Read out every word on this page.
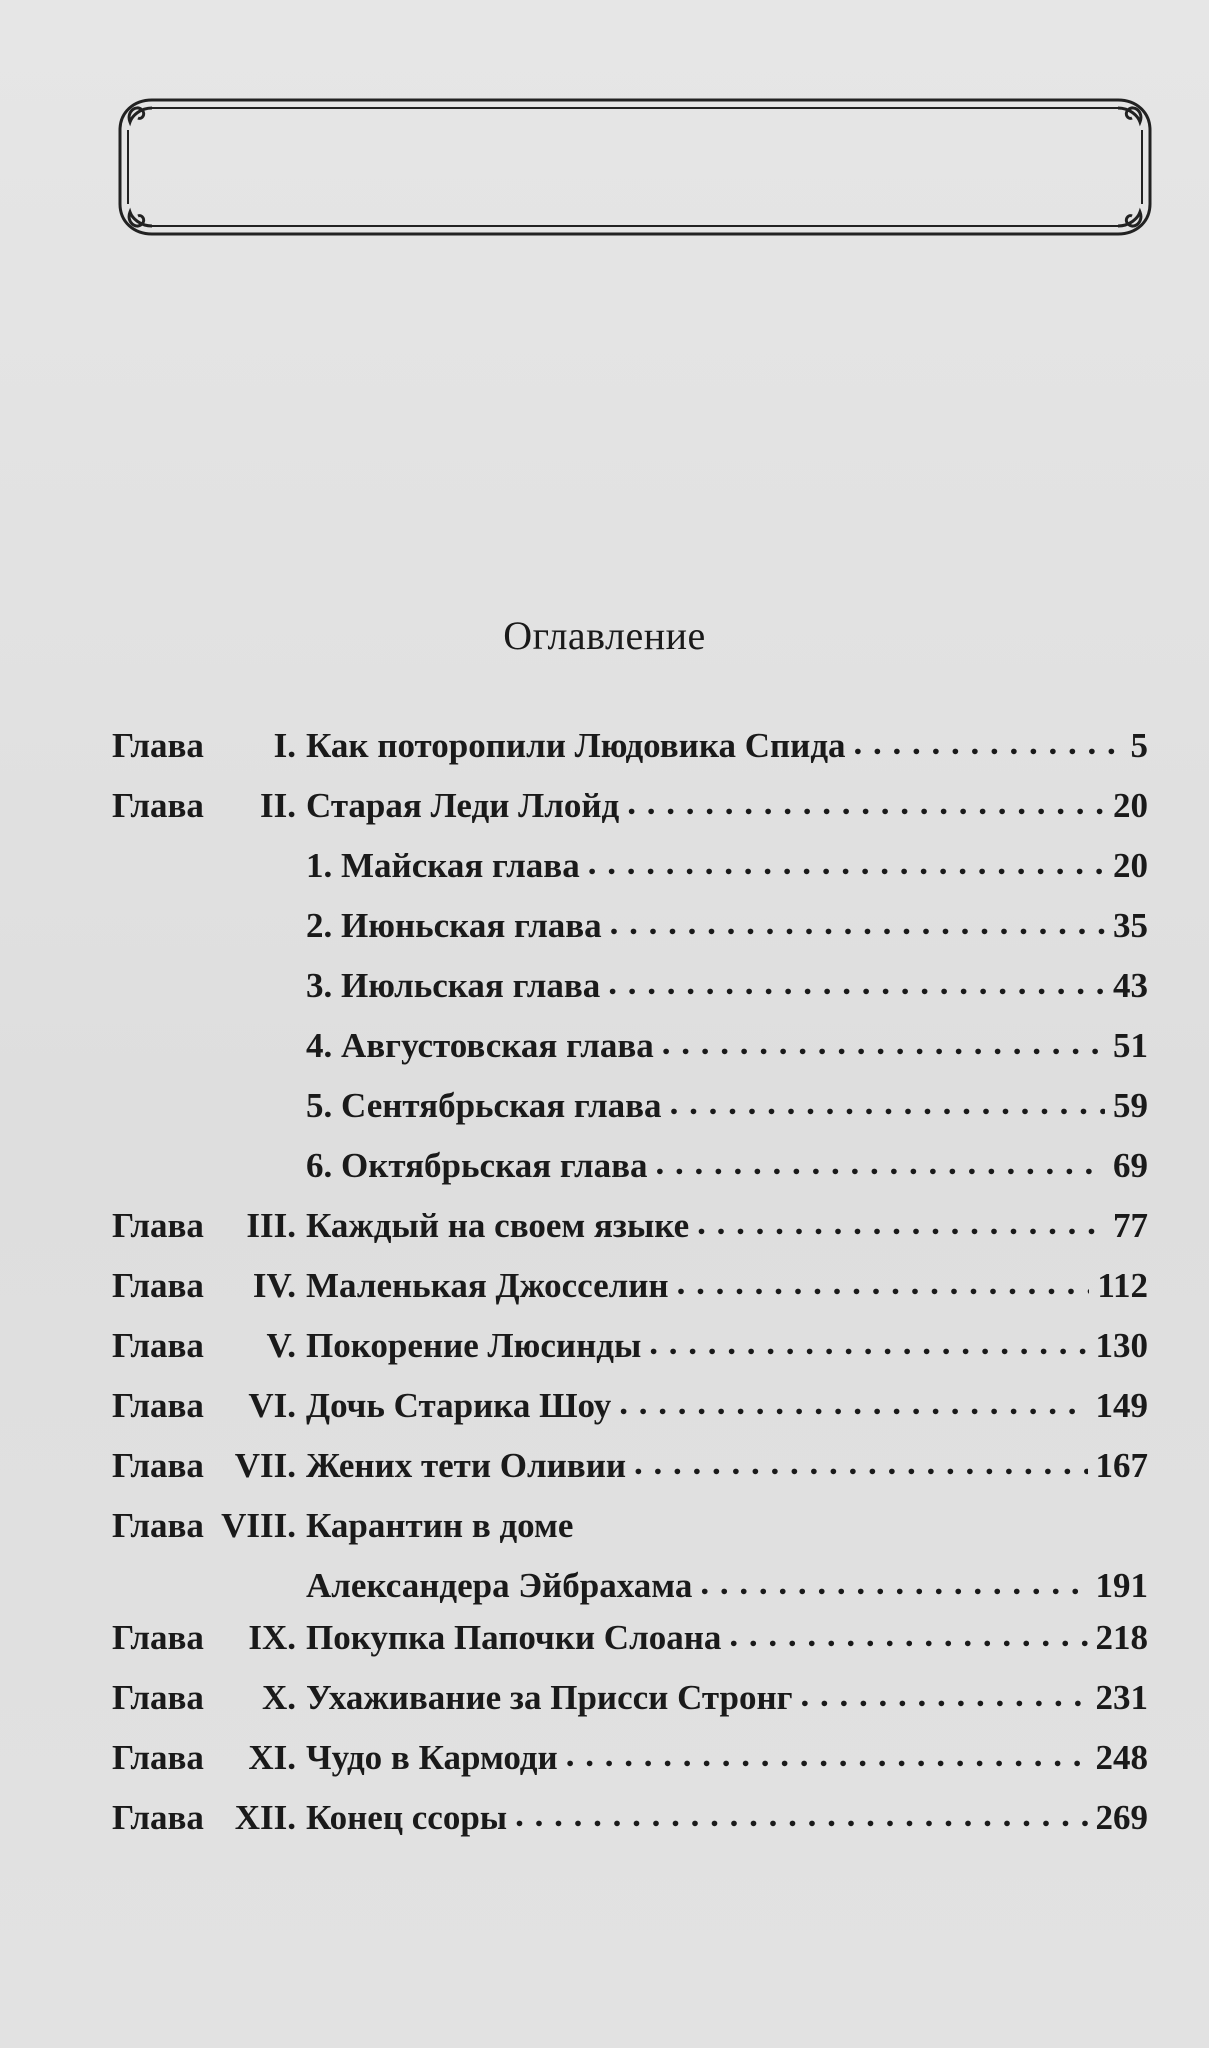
Оглавление
Глава	I. Как поторопили Людовика Спида . . .	5
Глава	II. Старая Леди Ллойд . . .	20
1. Майская глава . . .	20
2. Июньская глава . . .	35
3. Июльская глава . . .	43
4. Августовская глава . . .	51
5. Сентябрьская глава . . .	59
6. Октябрьская глава . . .	69
Глава	III. Каждый на своем языке . . .	77
Глава	IV. Маленькая Джосселин . . .	112
Глава	V. Покорение Люсинды . . .	130
Глава	VI. Дочь Старика Шоу . . .	149
Глава VII. Жених тети Оливии . . .	167
Глава VIII. Карантин в доме
Александера Эйбрахама . . .	191
Глава	IX. Покупка Папочки Слоана . . .	218
Глава	X. Ухаживание за Присси Стронг . . .	231
Глава	XI. Чудо в Кармоди . . .	248
Глава XII. Конец ссоры . . .	269
